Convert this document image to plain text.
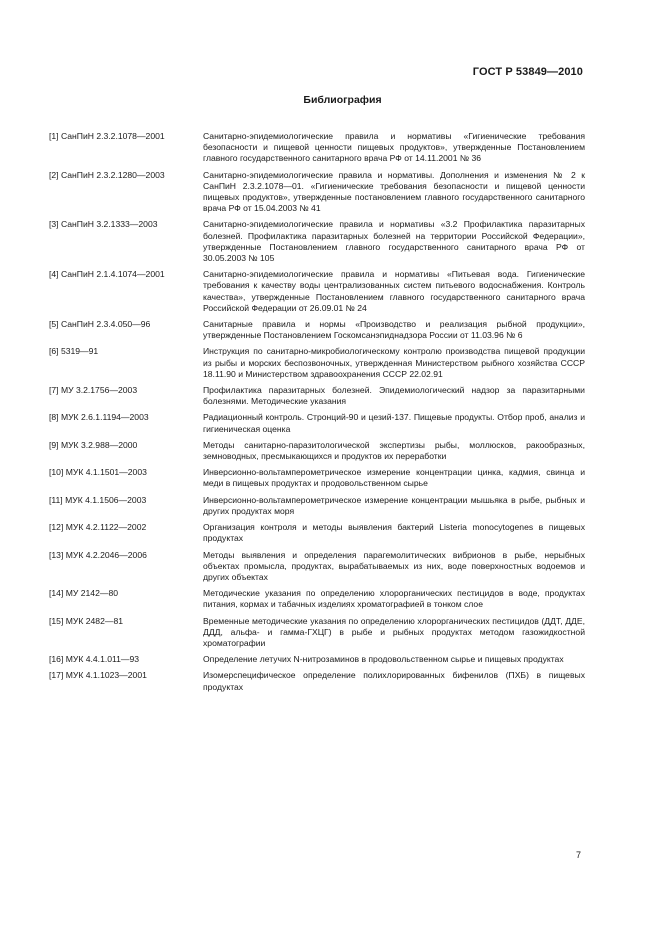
ГОСТ Р 53849—2010
Библиография
[1] СанПиН 2.3.2.1078—2001	Санитарно-эпидемиологические правила и нормативы «Гигиенические требования безопасности и пищевой ценности пищевых продуктов», утвержденные Постановлением главного государственного санитарного врача РФ от 14.11.2001 № 36
[2] СанПиН 2.3.2.1280—2003	Санитарно-эпидемиологические правила и нормативы. Дополнения и изменения № 2 к СанПиН 2.3.2.1078—01. «Гигиенические требования безопасности и пищевой ценности пищевых продуктов», утвержденные постановлением главного государственного санитарного врача РФ от 15.04.2003 № 41
[3] СанПиН 3.2.1333—2003	Санитарно-эпидемиологические правила и нормативы «3.2 Профилактика паразитарных болезней. Профилактика паразитарных болезней на территории Российской Федерации», утвержденные Постановлением главного государственного санитарного врача РФ от 30.05.2003 № 105
[4] СанПиН 2.1.4.1074—2001	Санитарно-эпидемиологические правила и нормативы «Питьевая вода. Гигиенические требования к качеству воды централизованных систем питьевого водоснабжения. Контроль качества», утвержденные Постановлением главного государственного санитарного врача Российской Федерации от 26.09.01 № 24
[5] СанПиН 2.3.4.050—96	Санитарные правила и нормы «Производство и реализация рыбной продукции», утвержденные Постановлением Госкомсанэпиднадзора России от 11.03.96 № 6
[6] 5319—91	Инструкция по санитарно-микробиологическому контролю производства пищевой продукции из рыбы и морских беспозвоночных, утвержденная Министерством рыбного хозяйства СССР 18.11.90 и Министерством здравоохранения СССР 22.02.91
[7] МУ 3.2.1756—2003	Профилактика паразитарных болезней. Эпидемиологический надзор за паразитарными болезнями. Методические указания
[8] МУК 2.6.1.1194—2003	Радиационный контроль. Стронций-90 и цезий-137. Пищевые продукты. Отбор проб, анализ и гигиеническая оценка
[9] МУК 3.2.988—2000	Методы санитарно-паразитологической экспертизы рыбы, моллюсков, ракообразных, земноводных, пресмыкающихся и продуктов их переработки
[10] МУК 4.1.1501—2003	Инверсионно-вольтамперометрическое измерение концентрации цинка, кадмия, свинца и меди в пищевых продуктах и продовольственном сырье
[11] МУК 4.1.1506—2003	Инверсионно-вольтамперометрическое измерение концентрации мышьяка в рыбе, рыбных и других продуктах моря
[12] МУК 4.2.1122—2002	Организация контроля и методы выявления бактерий Listeria monocytogenes в пищевых продуктах
[13] МУК 4.2.2046—2006	Методы выявления и определения парагемолитических вибрионов в рыбе, нерыбных объектах промысла, продуктах, вырабатываемых из них, воде поверхностных водоемов и других объектах
[14] МУ 2142—80	Методические указания по определению хлорорганических пестицидов в воде, продуктах питания, кормах и табачных изделиях хроматографией в тонком слое
[15] МУК 2482—81	Временные методические указания по определению хлорорганических пестицидов (ДДТ, ДДЕ, ДДД, альфа- и гамма-ГХЦГ) в рыбе и рыбных продуктах методом газожидкостной хроматографии
[16] МУК 4.4.1.011—93	Определение летучих N-нитрозаминов в продовольственном сырье и пищевых продуктах
[17] МУК 4.1.1023—2001	Изомерспецифическое определение полихлорированных бифенилов (ПХБ) в пищевых продуктах
7
